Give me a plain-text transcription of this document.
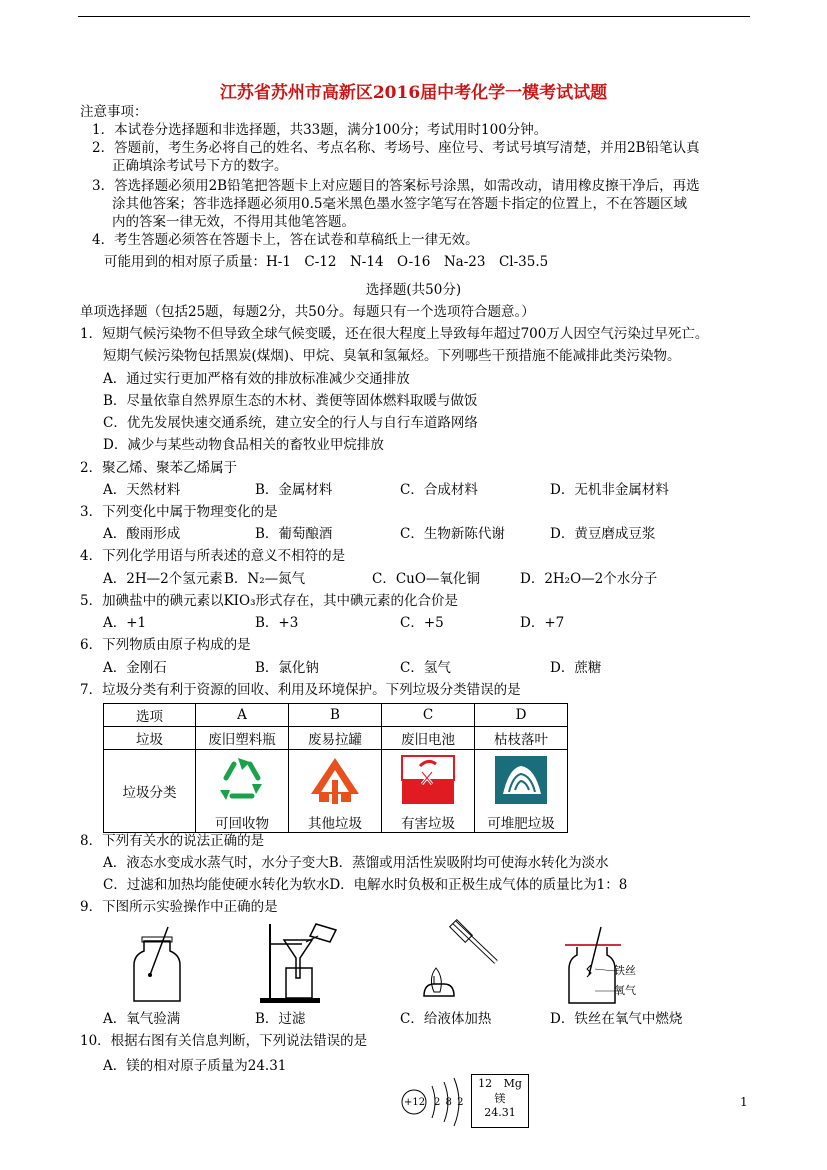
江苏省苏州市高新区2016届中考化学一模考试试题
注意事项：
1．本试卷分选择题和非选择题，共33题，满分100分；考试用时100分钟。
2．答题前，考生务必将自己的姓名、考点名称、考场号、座位号、考试号填写清楚，并用2B铅笔认真
正确填涂考试号下方的数字。
3．答选择题必须用2B铅笔把答题卡上对应题目的答案标号涂黑，如需改动，请用橡皮擦干净后，再选
涂其他答案；答非选择题必须用0.5毫米黑色墨水签字笔写在答题卡指定的位置上，不在答题区域
内的答案一律无效，不得用其他笔答题。
4．考生答题必须答在答题卡上，答在试卷和草稿纸上一律无效。
可能用到的相对原子质量：H-1　C-12　N-14　O-16　Na-23　Cl-35.5
选择题(共50分)
单项选择题（包括25题，每题2分，共50分。每题只有一个选项符合题意。）
1．短期气候污染物不但导致全球气候变暖，还在很大程度上导致每年超过700万人因空气污染过早死亡。
短期气候污染物包括黑炭(煤烟)、甲烷、臭氧和氢氟烃。下列哪些干预措施不能减排此类污染物。
A．通过实行更加严格有效的排放标准减少交通排放
B．尽量依靠自然界原生态的木材、粪便等固体燃料取暖与做饭
C．优先发展快速交通系统，建立安全的行人与自行车道路网络
D．减少与某些动物食品相关的畜牧业甲烷排放
2．聚乙烯、聚苯乙烯属于
A．天然材料	B．金属材料	C．合成材料	D．无机非金属材料
3．下列变化中属于物理变化的是
A．酸雨形成	B．葡萄酿酒	C．生物新陈代谢	D．黄豆磨成豆浆
4．下列化学用语与所表述的意义不相符的是
A．2H—2个氢元素 B．N₂—氮气	C．CuO—氧化铜	D．2H₂O—2个水分子
5．加碘盐中的碘元素以KIO₃形式存在，其中碘元素的化合价是
A．+1	B．+3	C．+5	D．+7
6．下列物质由原子构成的是
A．金刚石	B．氯化钠	C．氢气	D．蔗糖
7．垃圾分类有利于资源的回收、利用及环境保护。下列垃圾分类错误的是
选项	A	B	C	D
垃圾	废旧塑料瓶	废易拉罐	废旧电池	枯枝落叶
垃圾分类	可回收物	其他垃圾	有害垃圾	可堆肥垃圾
8．下列有关水的说法正确的是
A．液态水变成水蒸气时，水分子变大B．蒸馏或用活性炭吸附均可使海水转化为淡水
C．过滤和加热均能使硬水转化为软水D．电解水时负极和正极生成气体的质量比为1：8
9．下图所示实验操作中正确的是
铁丝
氧气
A．氧气验满	B．过滤	C．给液体加热	D．铁丝在氧气中燃烧
10．根据右图有关信息判断，下列说法错误的是
A．镁的相对原子质量为24.31
+12 2 8 2
12 Mg
镁
24.31
1
